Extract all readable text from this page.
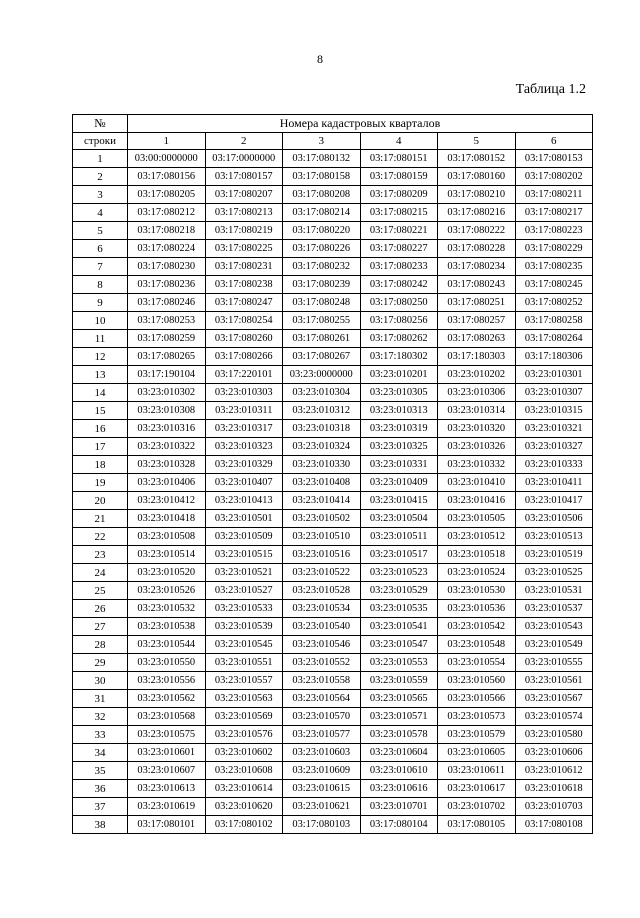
8
Таблица 1.2
№	Номера кадастровых кварталов					
строки	1	2	3	4	5	6
1	03:00:0000000	03:17:0000000	03:17:080132	03:17:080151	03:17:080152	03:17:080153
2	03:17:080156	03:17:080157	03:17:080158	03:17:080159	03:17:080160	03:17:080202
3	03:17:080205	03:17:080207	03:17:080208	03:17:080209	03:17:080210	03:17:080211
4	03:17:080212	03:17:080213	03:17:080214	03:17:080215	03:17:080216	03:17:080217
5	03:17:080218	03:17:080219	03:17:080220	03:17:080221	03:17:080222	03:17:080223
6	03:17:080224	03:17:080225	03:17:080226	03:17:080227	03:17:080228	03:17:080229
7	03:17:080230	03:17:080231	03:17:080232	03:17:080233	03:17:080234	03:17:080235
8	03:17:080236	03:17:080238	03:17:080239	03:17:080242	03:17:080243	03:17:080245
9	03:17:080246	03:17:080247	03:17:080248	03:17:080250	03:17:080251	03:17:080252
10	03:17:080253	03:17:080254	03:17:080255	03:17:080256	03:17:080257	03:17:080258
11	03:17:080259	03:17:080260	03:17:080261	03:17:080262	03:17:080263	03:17:080264
12	03:17:080265	03:17:080266	03:17:080267	03:17:180302	03:17:180303	03:17:180306
13	03:17:190104	03:17:220101	03:23:0000000	03:23:010201	03:23:010202	03:23:010301
14	03:23:010302	03:23:010303	03:23:010304	03:23:010305	03:23:010306	03:23:010307
15	03:23:010308	03:23:010311	03:23:010312	03:23:010313	03:23:010314	03:23:010315
16	03:23:010316	03:23:010317	03:23:010318	03:23:010319	03:23:010320	03:23:010321
17	03:23:010322	03:23:010323	03:23:010324	03:23:010325	03:23:010326	03:23:010327
18	03:23:010328	03:23:010329	03:23:010330	03:23:010331	03:23:010332	03:23:010333
19	03:23:010406	03:23:010407	03:23:010408	03:23:010409	03:23:010410	03:23:010411
20	03:23:010412	03:23:010413	03:23:010414	03:23:010415	03:23:010416	03:23:010417
21	03:23:010418	03:23:010501	03:23:010502	03:23:010504	03:23:010505	03:23:010506
22	03:23:010508	03:23:010509	03:23:010510	03:23:010511	03:23:010512	03:23:010513
23	03:23:010514	03:23:010515	03:23:010516	03:23:010517	03:23:010518	03:23:010519
24	03:23:010520	03:23:010521	03:23:010522	03:23:010523	03:23:010524	03:23:010525
25	03:23:010526	03:23:010527	03:23:010528	03:23:010529	03:23:010530	03:23:010531
26	03:23:010532	03:23:010533	03:23:010534	03:23:010535	03:23:010536	03:23:010537
27	03:23:010538	03:23:010539	03:23:010540	03:23:010541	03:23:010542	03:23:010543
28	03:23:010544	03:23:010545	03:23:010546	03:23:010547	03:23:010548	03:23:010549
29	03:23:010550	03:23:010551	03:23:010552	03:23:010553	03:23:010554	03:23:010555
30	03:23:010556	03:23:010557	03:23:010558	03:23:010559	03:23:010560	03:23:010561
31	03:23:010562	03:23:010563	03:23:010564	03:23:010565	03:23:010566	03:23:010567
32	03:23:010568	03:23:010569	03:23:010570	03:23:010571	03:23:010573	03:23:010574
33	03:23:010575	03:23:010576	03:23:010577	03:23:010578	03:23:010579	03:23:010580
34	03:23:010601	03:23:010602	03:23:010603	03:23:010604	03:23:010605	03:23:010606
35	03:23:010607	03:23:010608	03:23:010609	03:23:010610	03:23:010611	03:23:010612
36	03:23:010613	03:23:010614	03:23:010615	03:23:010616	03:23:010617	03:23:010618
37	03:23:010619	03:23:010620	03:23:010621	03:23:010701	03:23:010702	03:23:010703
38	03:17:080101	03:17:080102	03:17:080103	03:17:080104	03:17:080105	03:17:080108
